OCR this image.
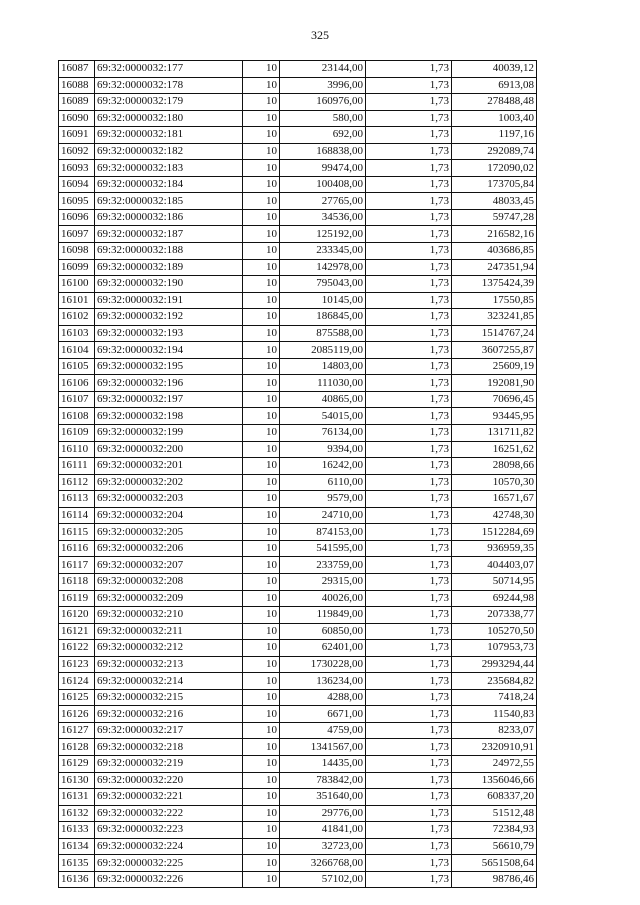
325
16087	69:32:0000032:177	10	23144,00	1,73	40039,12
16088	69:32:0000032:178	10	3996,00	1,73	6913,08
16089	69:32:0000032:179	10	160976,00	1,73	278488,48
16090	69:32:0000032:180	10	580,00	1,73	1003,40
16091	69:32:0000032:181	10	692,00	1,73	1197,16
16092	69:32:0000032:182	10	168838,00	1,73	292089,74
16093	69:32:0000032:183	10	99474,00	1,73	172090,02
16094	69:32:0000032:184	10	100408,00	1,73	173705,84
16095	69:32:0000032:185	10	27765,00	1,73	48033,45
16096	69:32:0000032:186	10	34536,00	1,73	59747,28
16097	69:32:0000032:187	10	125192,00	1,73	216582,16
16098	69:32:0000032:188	10	233345,00	1,73	403686,85
16099	69:32:0000032:189	10	142978,00	1,73	247351,94
16100	69:32:0000032:190	10	795043,00	1,73	1375424,39
16101	69:32:0000032:191	10	10145,00	1,73	17550,85
16102	69:32:0000032:192	10	186845,00	1,73	323241,85
16103	69:32:0000032:193	10	875588,00	1,73	1514767,24
16104	69:32:0000032:194	10	2085119,00	1,73	3607255,87
16105	69:32:0000032:195	10	14803,00	1,73	25609,19
16106	69:32:0000032:196	10	111030,00	1,73	192081,90
16107	69:32:0000032:197	10	40865,00	1,73	70696,45
16108	69:32:0000032:198	10	54015,00	1,73	93445,95
16109	69:32:0000032:199	10	76134,00	1,73	131711,82
16110	69:32:0000032:200	10	9394,00	1,73	16251,62
16111	69:32:0000032:201	10	16242,00	1,73	28098,66
16112	69:32:0000032:202	10	6110,00	1,73	10570,30
16113	69:32:0000032:203	10	9579,00	1,73	16571,67
16114	69:32:0000032:204	10	24710,00	1,73	42748,30
16115	69:32:0000032:205	10	874153,00	1,73	1512284,69
16116	69:32:0000032:206	10	541595,00	1,73	936959,35
16117	69:32:0000032:207	10	233759,00	1,73	404403,07
16118	69:32:0000032:208	10	29315,00	1,73	50714,95
16119	69:32:0000032:209	10	40026,00	1,73	69244,98
16120	69:32:0000032:210	10	119849,00	1,73	207338,77
16121	69:32:0000032:211	10	60850,00	1,73	105270,50
16122	69:32:0000032:212	10	62401,00	1,73	107953,73
16123	69:32:0000032:213	10	1730228,00	1,73	2993294,44
16124	69:32:0000032:214	10	136234,00	1,73	235684,82
16125	69:32:0000032:215	10	4288,00	1,73	7418,24
16126	69:32:0000032:216	10	6671,00	1,73	11540,83
16127	69:32:0000032:217	10	4759,00	1,73	8233,07
16128	69:32:0000032:218	10	1341567,00	1,73	2320910,91
16129	69:32:0000032:219	10	14435,00	1,73	24972,55
16130	69:32:0000032:220	10	783842,00	1,73	1356046,66
16131	69:32:0000032:221	10	351640,00	1,73	608337,20
16132	69:32:0000032:222	10	29776,00	1,73	51512,48
16133	69:32:0000032:223	10	41841,00	1,73	72384,93
16134	69:32:0000032:224	10	32723,00	1,73	56610,79
16135	69:32:0000032:225	10	3266768,00	1,73	5651508,64
16136	69:32:0000032:226	10	57102,00	1,73	98786,46
